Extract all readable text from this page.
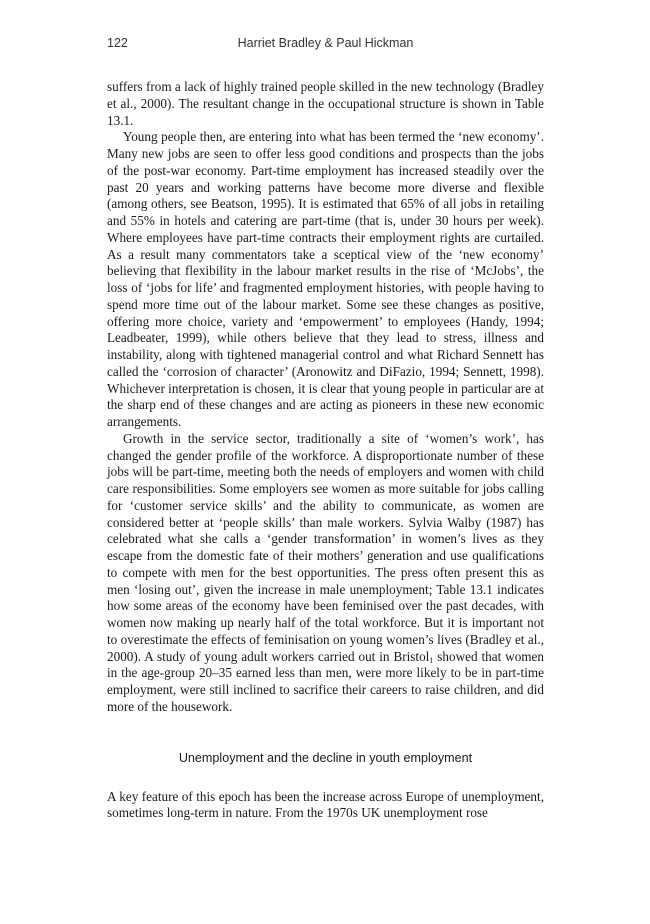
122	Harriet Bradley & Paul Hickman

suffers from a lack of highly trained people skilled in the new technology (Bradley et al., 2000). The resultant change in the occupational structure is shown in Table 13.1.

Young people then, are entering into what has been termed the ‘new economy’. Many new jobs are seen to offer less good conditions and prospects than the jobs of the post-war economy. Part-time employment has increased steadily over the past 20 years and working patterns have become more diverse and flexible (among others, see Beatson, 1995). It is estimated that 65% of all jobs in retailing and 55% in hotels and catering are part-time (that is, under 30 hours per week). Where employees have part-time contracts their employment rights are curtailed. As a result many commentators take a sceptical view of the ‘new economy’ believing that flexibility in the labour market results in the rise of ‘McJobs’, the loss of ‘jobs for life’ and fragmented employment histories, with people having to spend more time out of the labour market. Some see these changes as positive, offering more choice, variety and ‘empowerment’ to employees (Handy, 1994; Leadbeater, 1999), while others believe that they lead to stress, illness and instability, along with tightened managerial control and what Richard Sennett has called the ‘corrosion of character’ (Aronowitz and DiFazio, 1994; Sennett, 1998). Whichever interpretation is chosen, it is clear that young people in particular are at the sharp end of these changes and are acting as pioneers in these new economic arrangements.

Growth in the service sector, traditionally a site of ‘women’s work’, has changed the gender profile of the workforce. A disproportionate number of these jobs will be part-time, meeting both the needs of employers and women with child care responsibilities. Some employers see women as more suitable for jobs calling for ‘customer service skills’ and the ability to communicate, as women are considered better at ‘people skills’ than male workers. Sylvia Walby (1987) has celebrated what she calls a ‘gender transformation’ in women’s lives as they escape from the domestic fate of their mothers’ generation and use qualifications to compete with men for the best opportunities. The press often present this as men ‘losing out’, given the increase in male unemployment; Table 13.1 indicates how some areas of the economy have been feminised over the past decades, with women now making up nearly half of the total workforce. But it is important not to overestimate the effects of feminisation on young women’s lives (Bradley et al., 2000). A study of young adult workers carried out in Bristol$_1$ showed that women in the age-group 20–35 earned less than men, were more likely to be in part-time employment, were still inclined to sacrifice their careers to raise children, and did more of the housework.

Unemployment and the decline in youth employment

A key feature of this epoch has been the increase across Europe of unemployment, sometimes long-term in nature. From the 1970s UK unemployment rose
